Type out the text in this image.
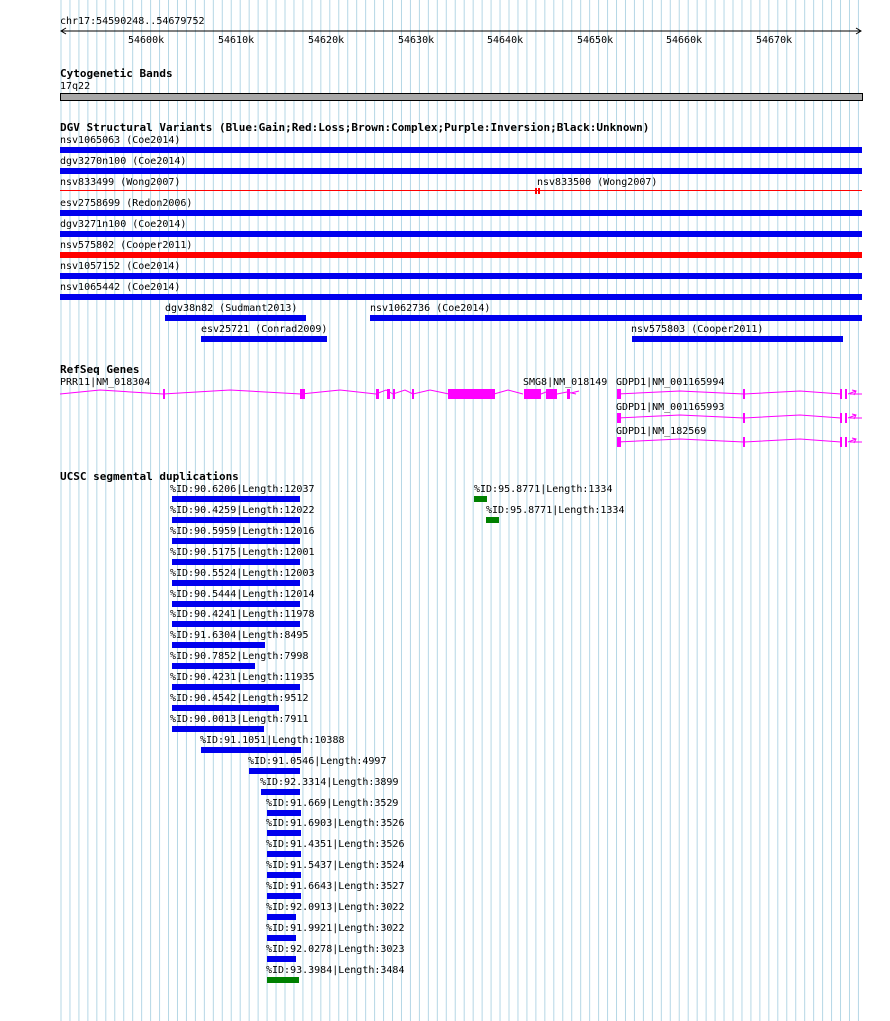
chr17:54590248..54679752
54600k	54610k	54620k	54630k	54640k	54650k	54660k	54670k
Cytogenetic Bands
17q22
DGV Structural Variants (Blue:Gain;Red:Loss;Brown:Complex;Purple:Inversion;Black:Unknown)
nsv1065063 (Coe2014)
dgv3270n100 (Coe2014)
nsv833499 (Wong2007)	nsv833500 (Wong2007)
esv2758699 (Redon2006)
dgv3271n100 (Coe2014)
nsv575802 (Cooper2011)
nsv1057152 (Coe2014)
nsv1065442 (Coe2014)
dgv38n82 (Sudmant2013)	nsv1062736 (Coe2014)
esv25721 (Conrad2009)	nsv575803 (Cooper2011)
RefSeq Genes
PRR11|NM_018304	SMG8|NM_018149 GDPD1|NM_001165994
GDPD1|NM_001165993
GDPD1|NM_182569
UCSC segmental duplications
%ID:90.6206|Length:12037
%ID:90.4259|Length:12022
%ID:90.5959|Length:12016
%ID:90.5175|Length:12001
%ID:90.5524|Length:12003
%ID:90.5444|Length:12014
%ID:90.4241|Length:11978
%ID:91.6304|Length:8495
%ID:90.7852|Length:7998
%ID:90.4231|Length:11935
%ID:90.4542|Length:9512
%ID:90.0013|Length:7911
%ID:91.1051|Length:10388
%ID:91.0546|Length:4997
%ID:92.3314|Length:3899
%ID:91.669|Length:3529
%ID:91.6903|Length:3526
%ID:91.4351|Length:3526
%ID:91.5437|Length:3524
%ID:91.6643|Length:3527
%ID:92.0913|Length:3022
%ID:91.9921|Length:3022
%ID:92.0278|Length:3023
%ID:93.3984|Length:3484
%ID:95.8771|Length:1334
%ID:95.8771|Length:1334
